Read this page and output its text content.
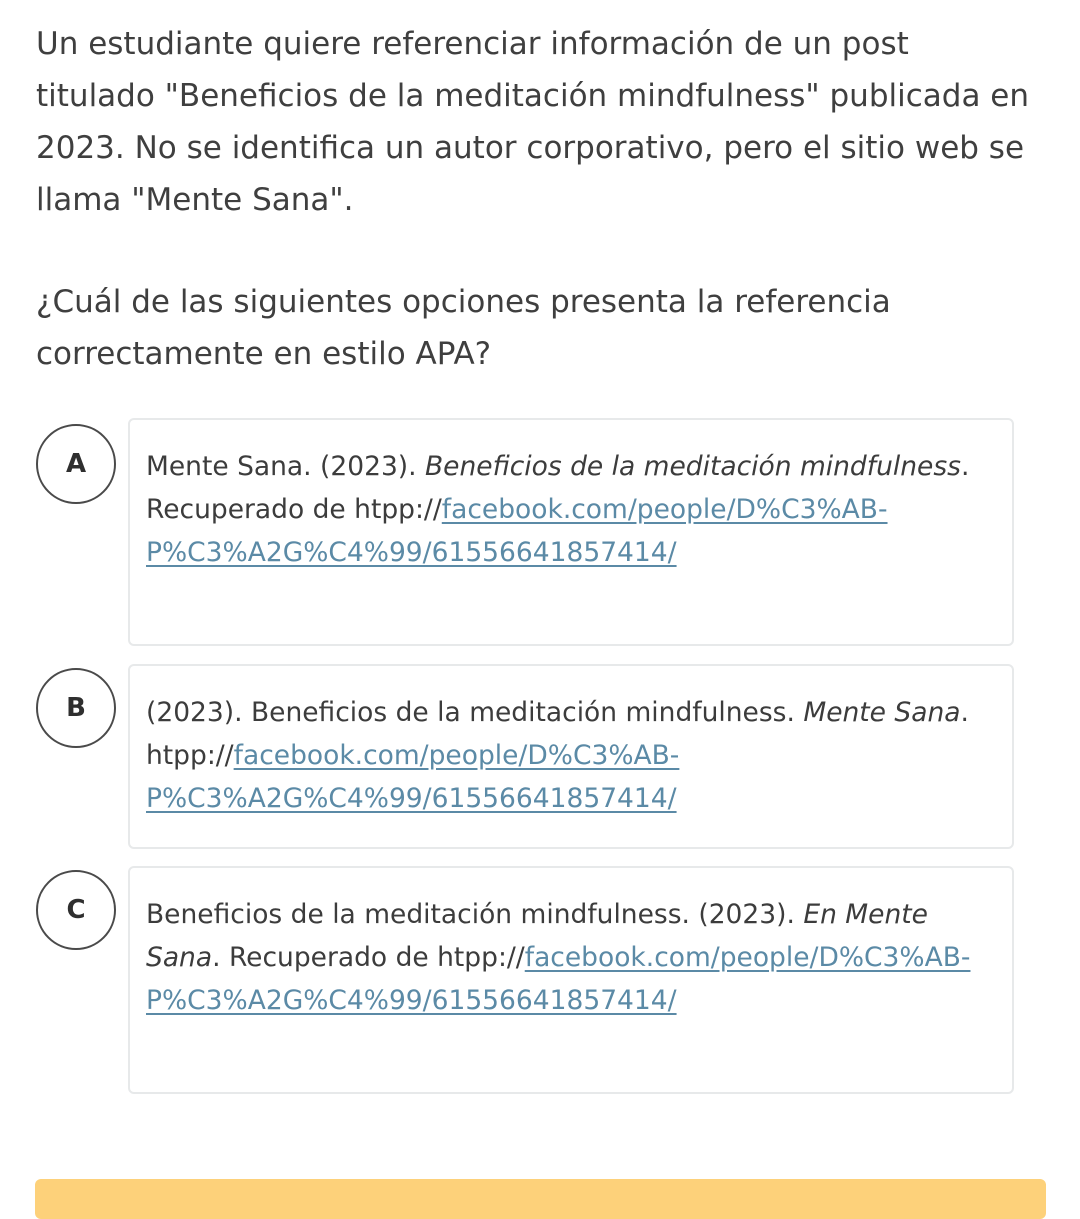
Un estudiante quiere referenciar información de un post titulado "Beneficios de la meditación mindfulness" publicada en 2023. No se identifica un autor corporativo, pero el sitio web se llama "Mente Sana".

¿Cuál de las siguientes opciones presenta la referencia correctamente en estilo APA?

A	Mente Sana. (2023). Beneficios de la meditación mindfulness. Recuperado de htpp://facebook.com/people/D%C3%AB-P%C3%A2G%C4%99/61556641857414/
B	(2023). Beneficios de la meditación mindfulness. Mente Sana. htpp://facebook.com/people/D%C3%AB-P%C3%A2G%C4%99/61556641857414/
C	Beneficios de la meditación mindfulness. (2023). En Mente Sana. Recuperado de htpp://facebook.com/people/D%C3%AB-P%C3%A2G%C4%99/61556641857414/
